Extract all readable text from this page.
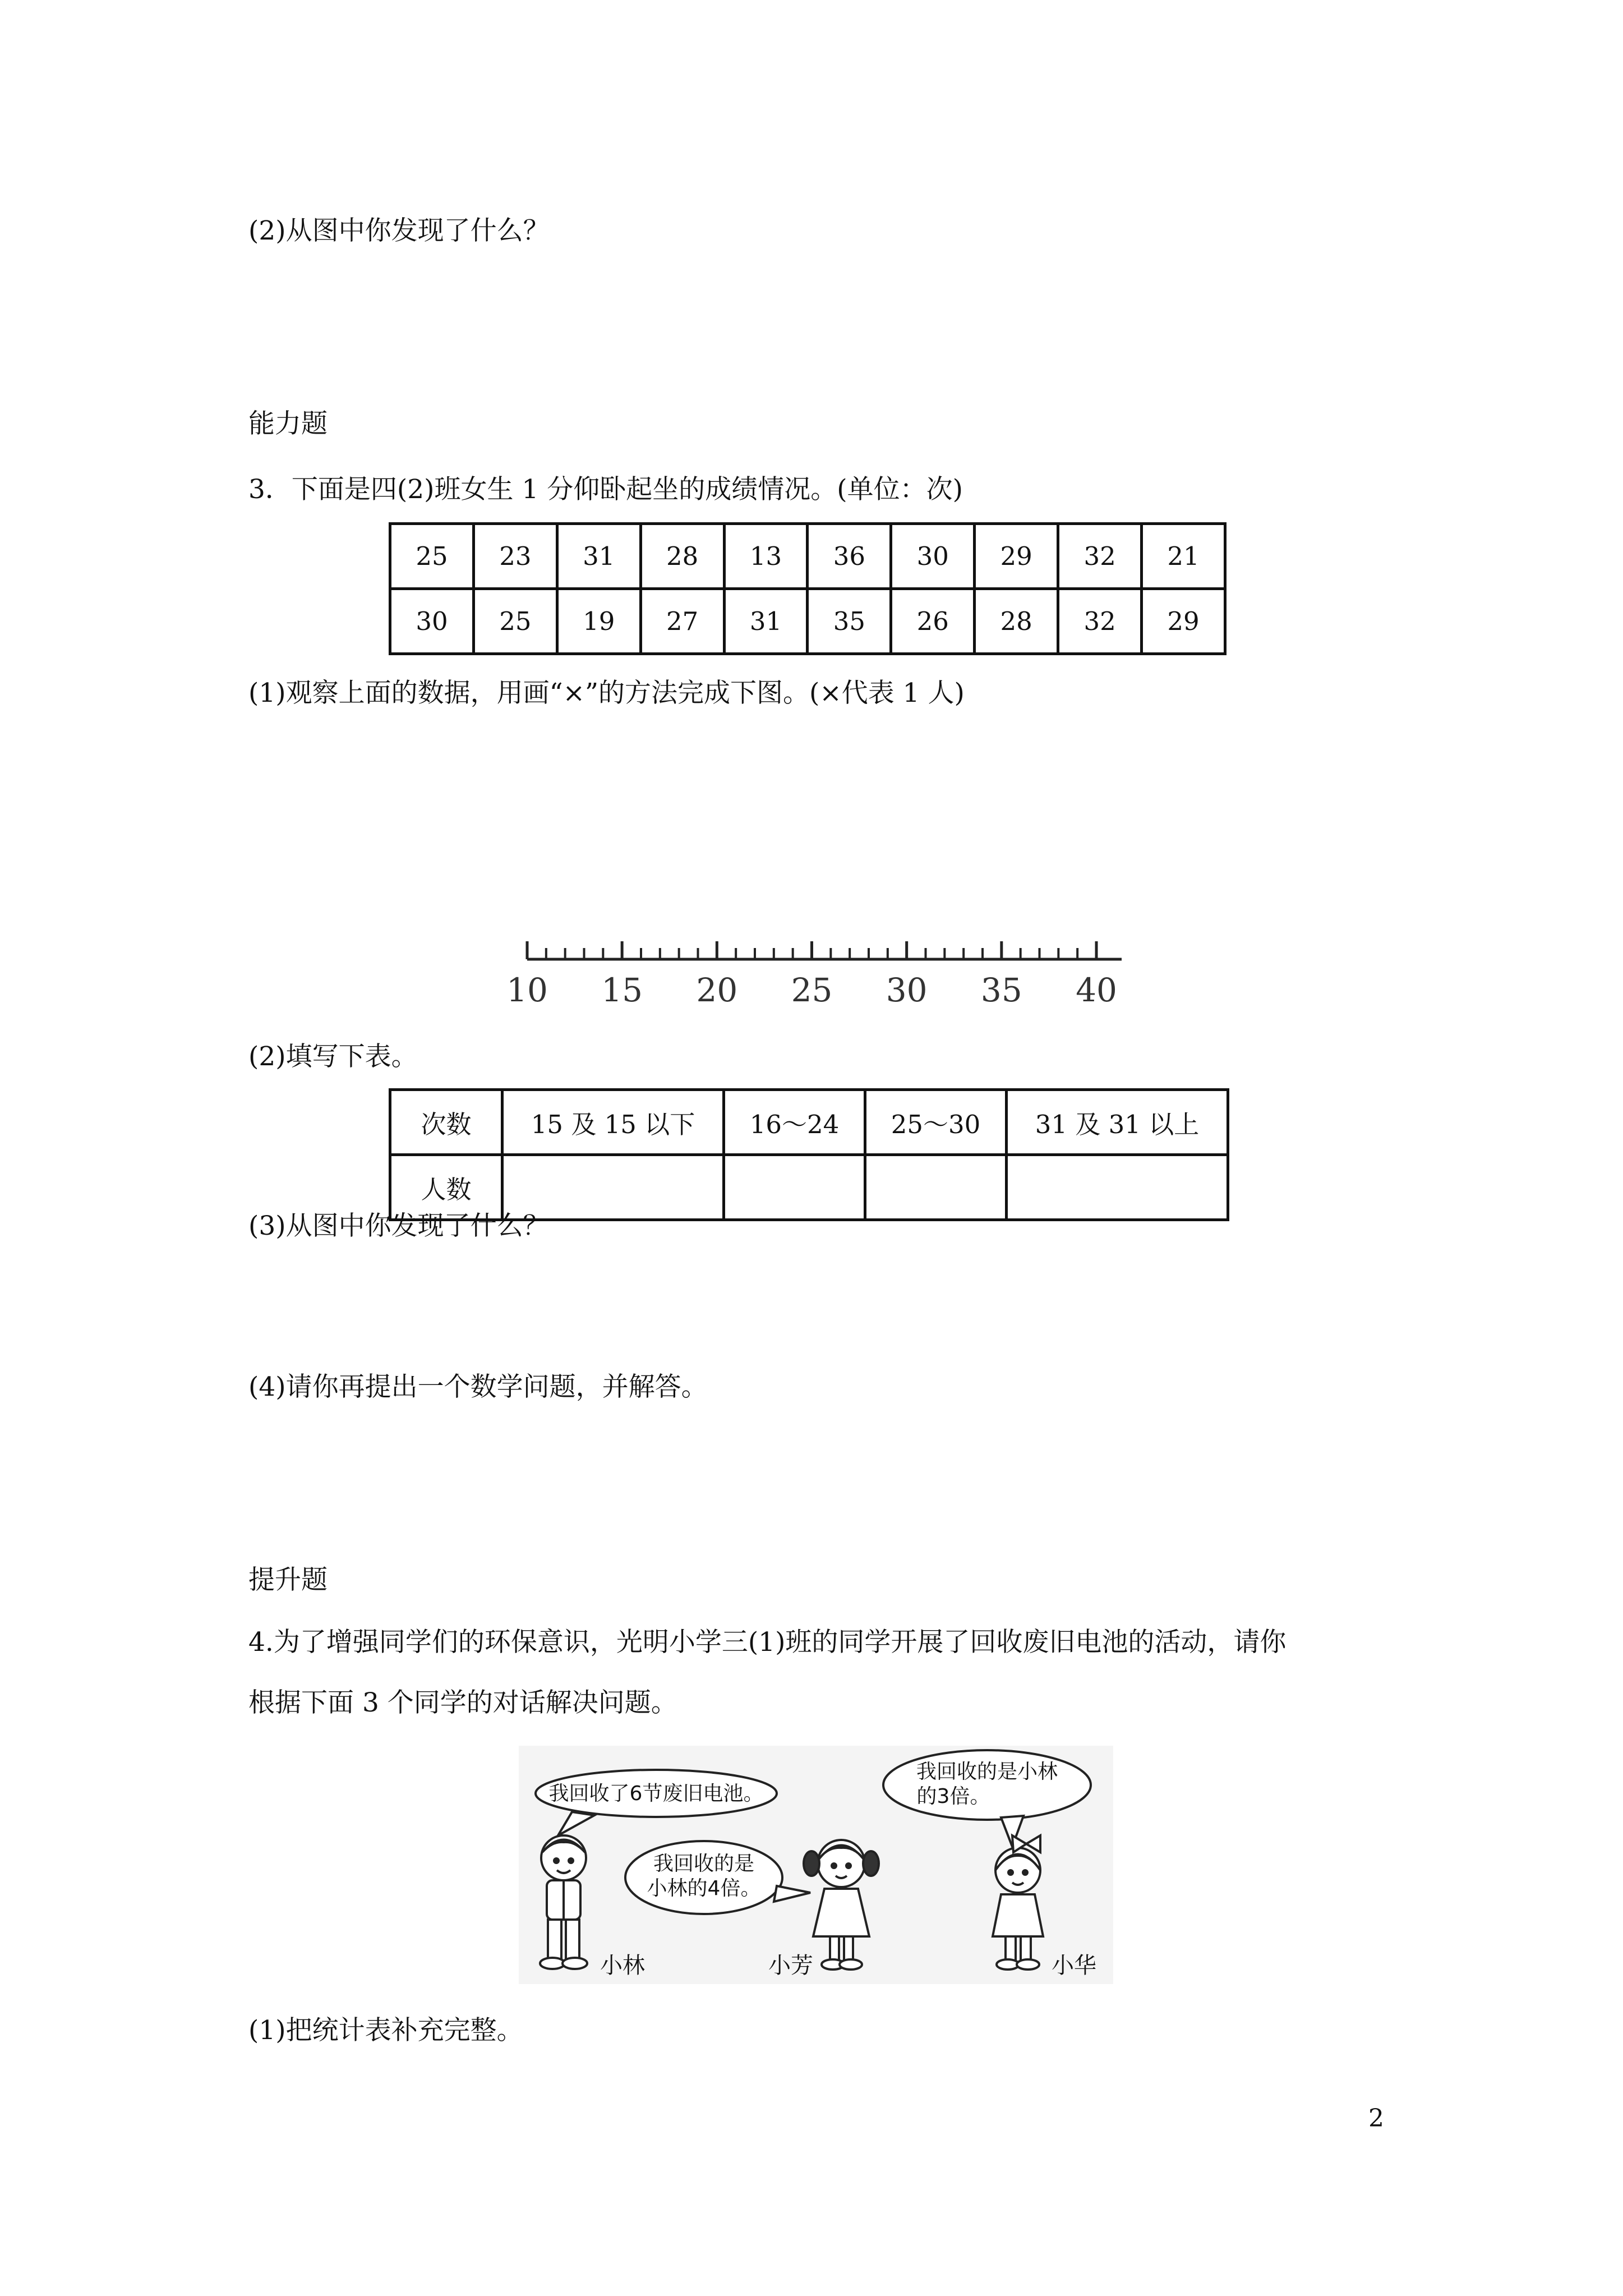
(2)从图中你发现了什么？
能力题
3．下面是四(2)班女生 1 分仰卧起坐的成绩情况。(单位：次)
25	23	31	28	13	36	30	29	32	21
30	25	19	27	31	35	26	28	32	29
(1)观察上面的数据，用画“×”的方法完成下图。(×代表 1 人)
10 15 20 25 30 35 40
(2)填写下表。
次数	15 及 15 以下	16～24	25～30	31 及 31 以上
人数				
(3)从图中你发现了什么？
(4)请你再提出一个数学问题，并解答。
提升题
4.为了增强同学们的环保意识，光明小学三(1)班的同学开展了回收废旧电池的活动，请你
根据下面 3 个同学的对话解决问题。
我回收了6节废旧电池。
我回收的是
小林的4倍。
我回收的是小林
的3倍。
小林	小芳	小华
(1)把统计表补充完整。
2
